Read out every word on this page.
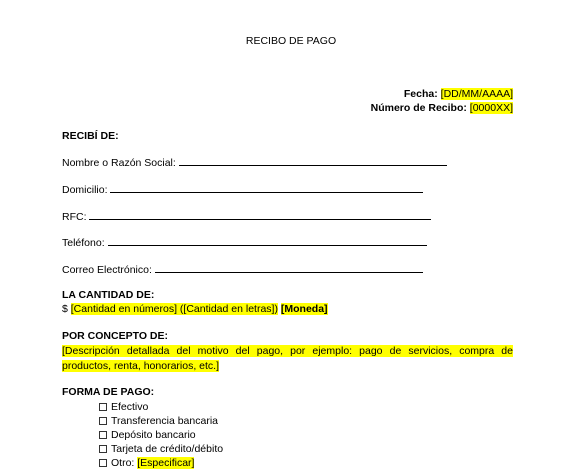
RECIBO DE PAGO
Fecha: [DD/MM/AAAA]
Número de Recibo: [0000XX]
RECIBÍ DE:
Nombre o Razón Social:
Domicilio:
RFC:
Teléfono:
Correo Electrónico:
LA CANTIDAD DE:
$ [Cantidad en números] ([Cantidad en letras]) [Moneda]
POR CONCEPTO DE:
[Descripción detallada del motivo del pago, por ejemplo: pago de servicios, compra de productos, renta, honorarios, etc.]
FORMA DE PAGO:
Efectivo
Transferencia bancaria
Depósito bancario
Tarjeta de crédito/débito
Otro: [Especificar]
